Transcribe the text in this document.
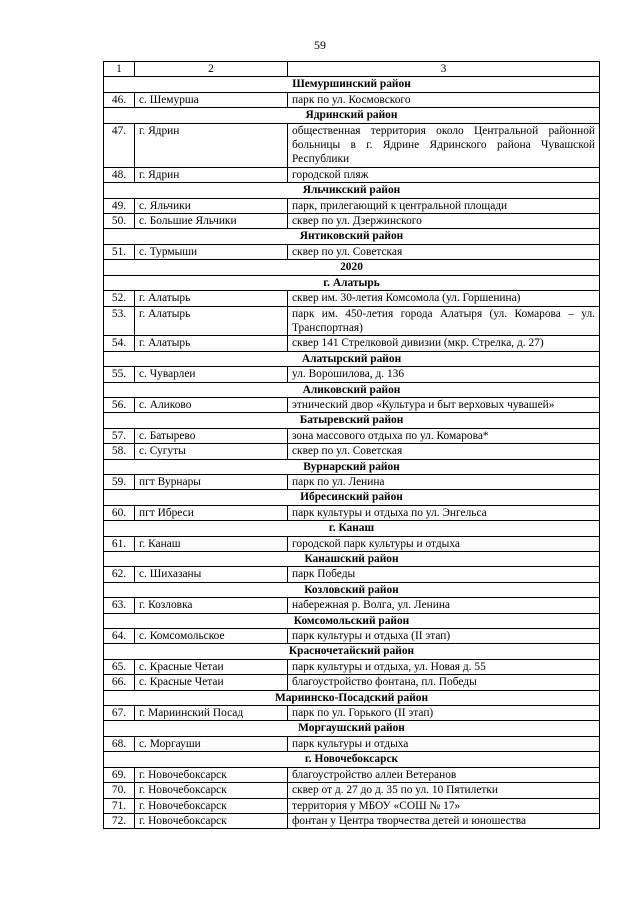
59
1	2	3
Шемуршинский район		
46.	с. Шемурша	парк по ул. Космовского
Ядринский район		
47.	г. Ядрин	общественная территория около Центральной районной больницы в г. Ядрине Ядринского района Чувашской Республики
48.	г. Ядрин	городской пляж
Яльчикский район		
49.	с. Яльчики	парк, прилегающий к центральной площади
50.	с. Большие Яльчики	сквер по ул. Дзержинского
Янтиковский район		
51.	с. Турмыши	сквер по ул. Советская
2020		
г. Алатырь		
52.	г. Алатырь	сквер им. 30-летия Комсомола (ул. Горшенина)
53.	г. Алатырь	парк им. 450-летия города Алатыря (ул. Комарова – ул. Транспортная)
54.	г. Алатырь	сквер 141 Стрелковой дивизии (мкр. Стрелка, д. 27)
Алатырский район		
55.	с. Чуварлеи	ул. Ворошилова, д. 136
Аликовский район		
56.	с. Аликово	этнический двор «Культура и быт верховых чувашей»
Батыревский район		
57.	с. Батырево	зона массового отдыха по ул. Комарова*
58.	с. Сугуты	сквер по ул. Советская
Вурнарский район		
59.	пгт Вурнары	парк по ул. Ленина
Ибресинский район		
60.	пгт Ибреси	парк культуры и отдыха по ул. Энгельса
г. Канаш		
61.	г. Канаш	городской парк культуры и отдыха
Канашский район		
62.	с. Шихазаны	парк Победы
Козловский район		
63.	г. Козловка	набережная р. Волга, ул. Ленина
Комсомольский район		
64.	с. Комсомольское	парк культуры и отдыха (II этап)
Красночетайский район		
65.	с. Красные Четаи	парк культуры и отдыха, ул. Новая д. 55
66.	с. Красные Четаи	благоустройство фонтана, пл. Победы
Мариинско-Посадский район		
67.	г. Мариинский Посад	парк по ул. Горького (II этап)
Моргаушский район		
68.	с. Моргауши	парк культуры и отдыха
г. Новочебоксарск		
69.	г. Новочебоксарск	благоустройство аллеи Ветеранов
70.	г. Новочебоксарск	сквер от д. 27 до д. 35 по ул. 10 Пятилетки
71.	г. Новочебоксарск	территория у МБОУ «СОШ № 17»
72.	г. Новочебоксарск	фонтан у Центра творчества детей и юношества
